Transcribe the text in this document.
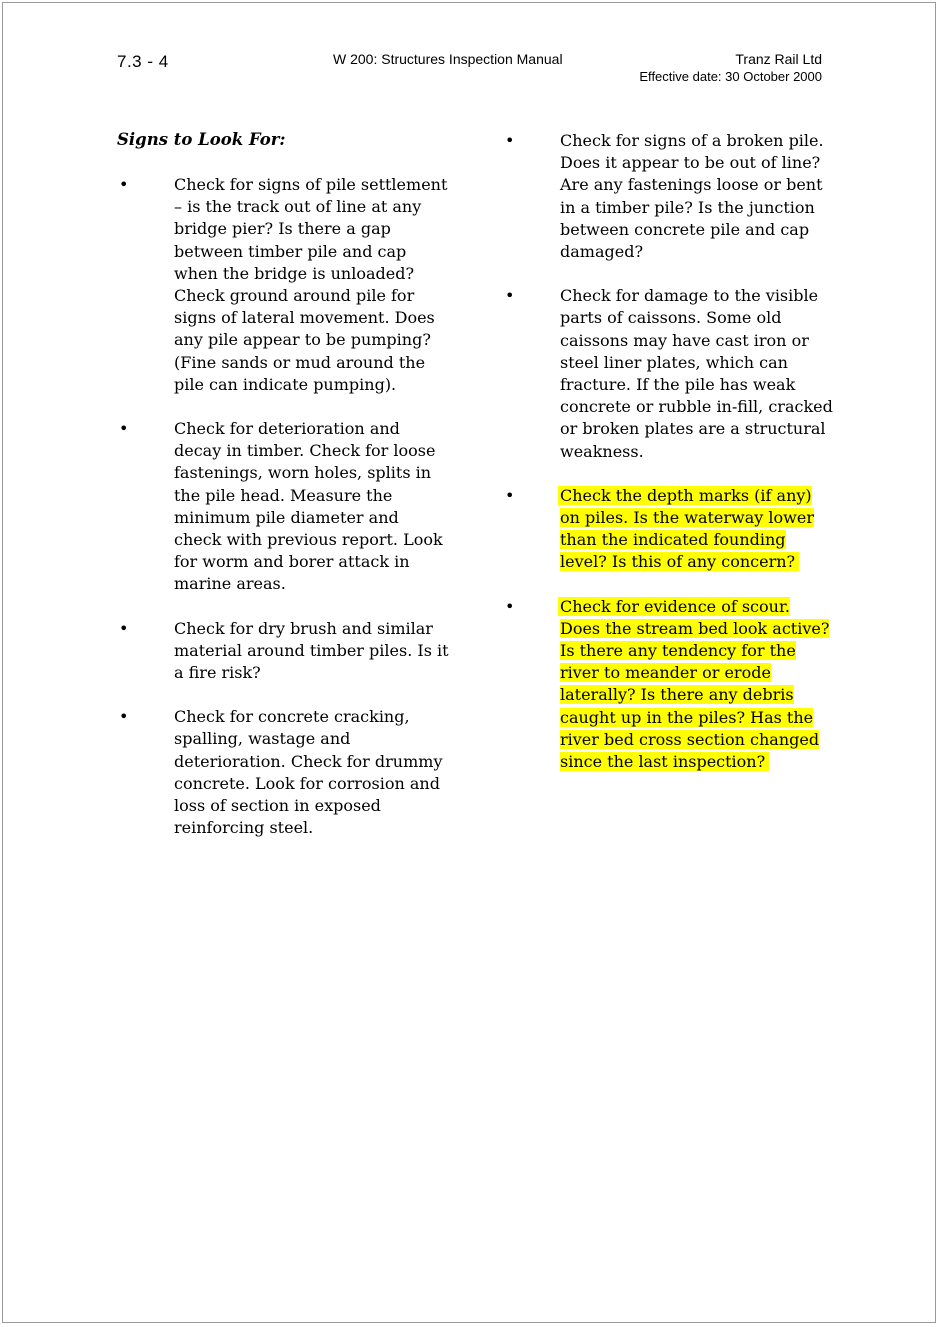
7.3 - 4	W 200: Structures Inspection Manual	Tranz Rail Ltd
Effective date: 30 October 2000
Signs to Look For:
•	Check for signs of pile settlement – is the track out of line at any bridge pier? Is there a gap between timber pile and cap when the bridge is unloaded? Check ground around pile for signs of lateral movement. Does any pile appear to be pumping? (Fine sands or mud around the pile can indicate pumping).
•	Check for deterioration and decay in timber. Check for loose fastenings, worn holes, splits in the pile head. Measure the minimum pile diameter and check with previous report. Look for worm and borer attack in marine areas.
•	Check for dry brush and similar material around timber piles. Is it a fire risk?
•	Check for concrete cracking, spalling, wastage and deterioration. Check for drummy concrete. Look for corrosion and loss of section in exposed reinforcing steel.
•	Check for signs of a broken pile. Does it appear to be out of line? Are any fastenings loose or bent in a timber pile? Is the junction between concrete pile and cap damaged?
•	Check for damage to the visible parts of caissons. Some old caissons may have cast iron or steel liner plates, which can fracture. If the pile has weak concrete or rubble in-fill, cracked or broken plates are a structural weakness.
•	Check the depth marks (if any) on piles. Is the waterway lower than the indicated founding level? Is this of any concern?
•	Check for evidence of scour. Does the stream bed look active? Is there any tendency for the river to meander or erode laterally? Is there any debris caught up in the piles? Has the river bed cross section changed since the last inspection?
